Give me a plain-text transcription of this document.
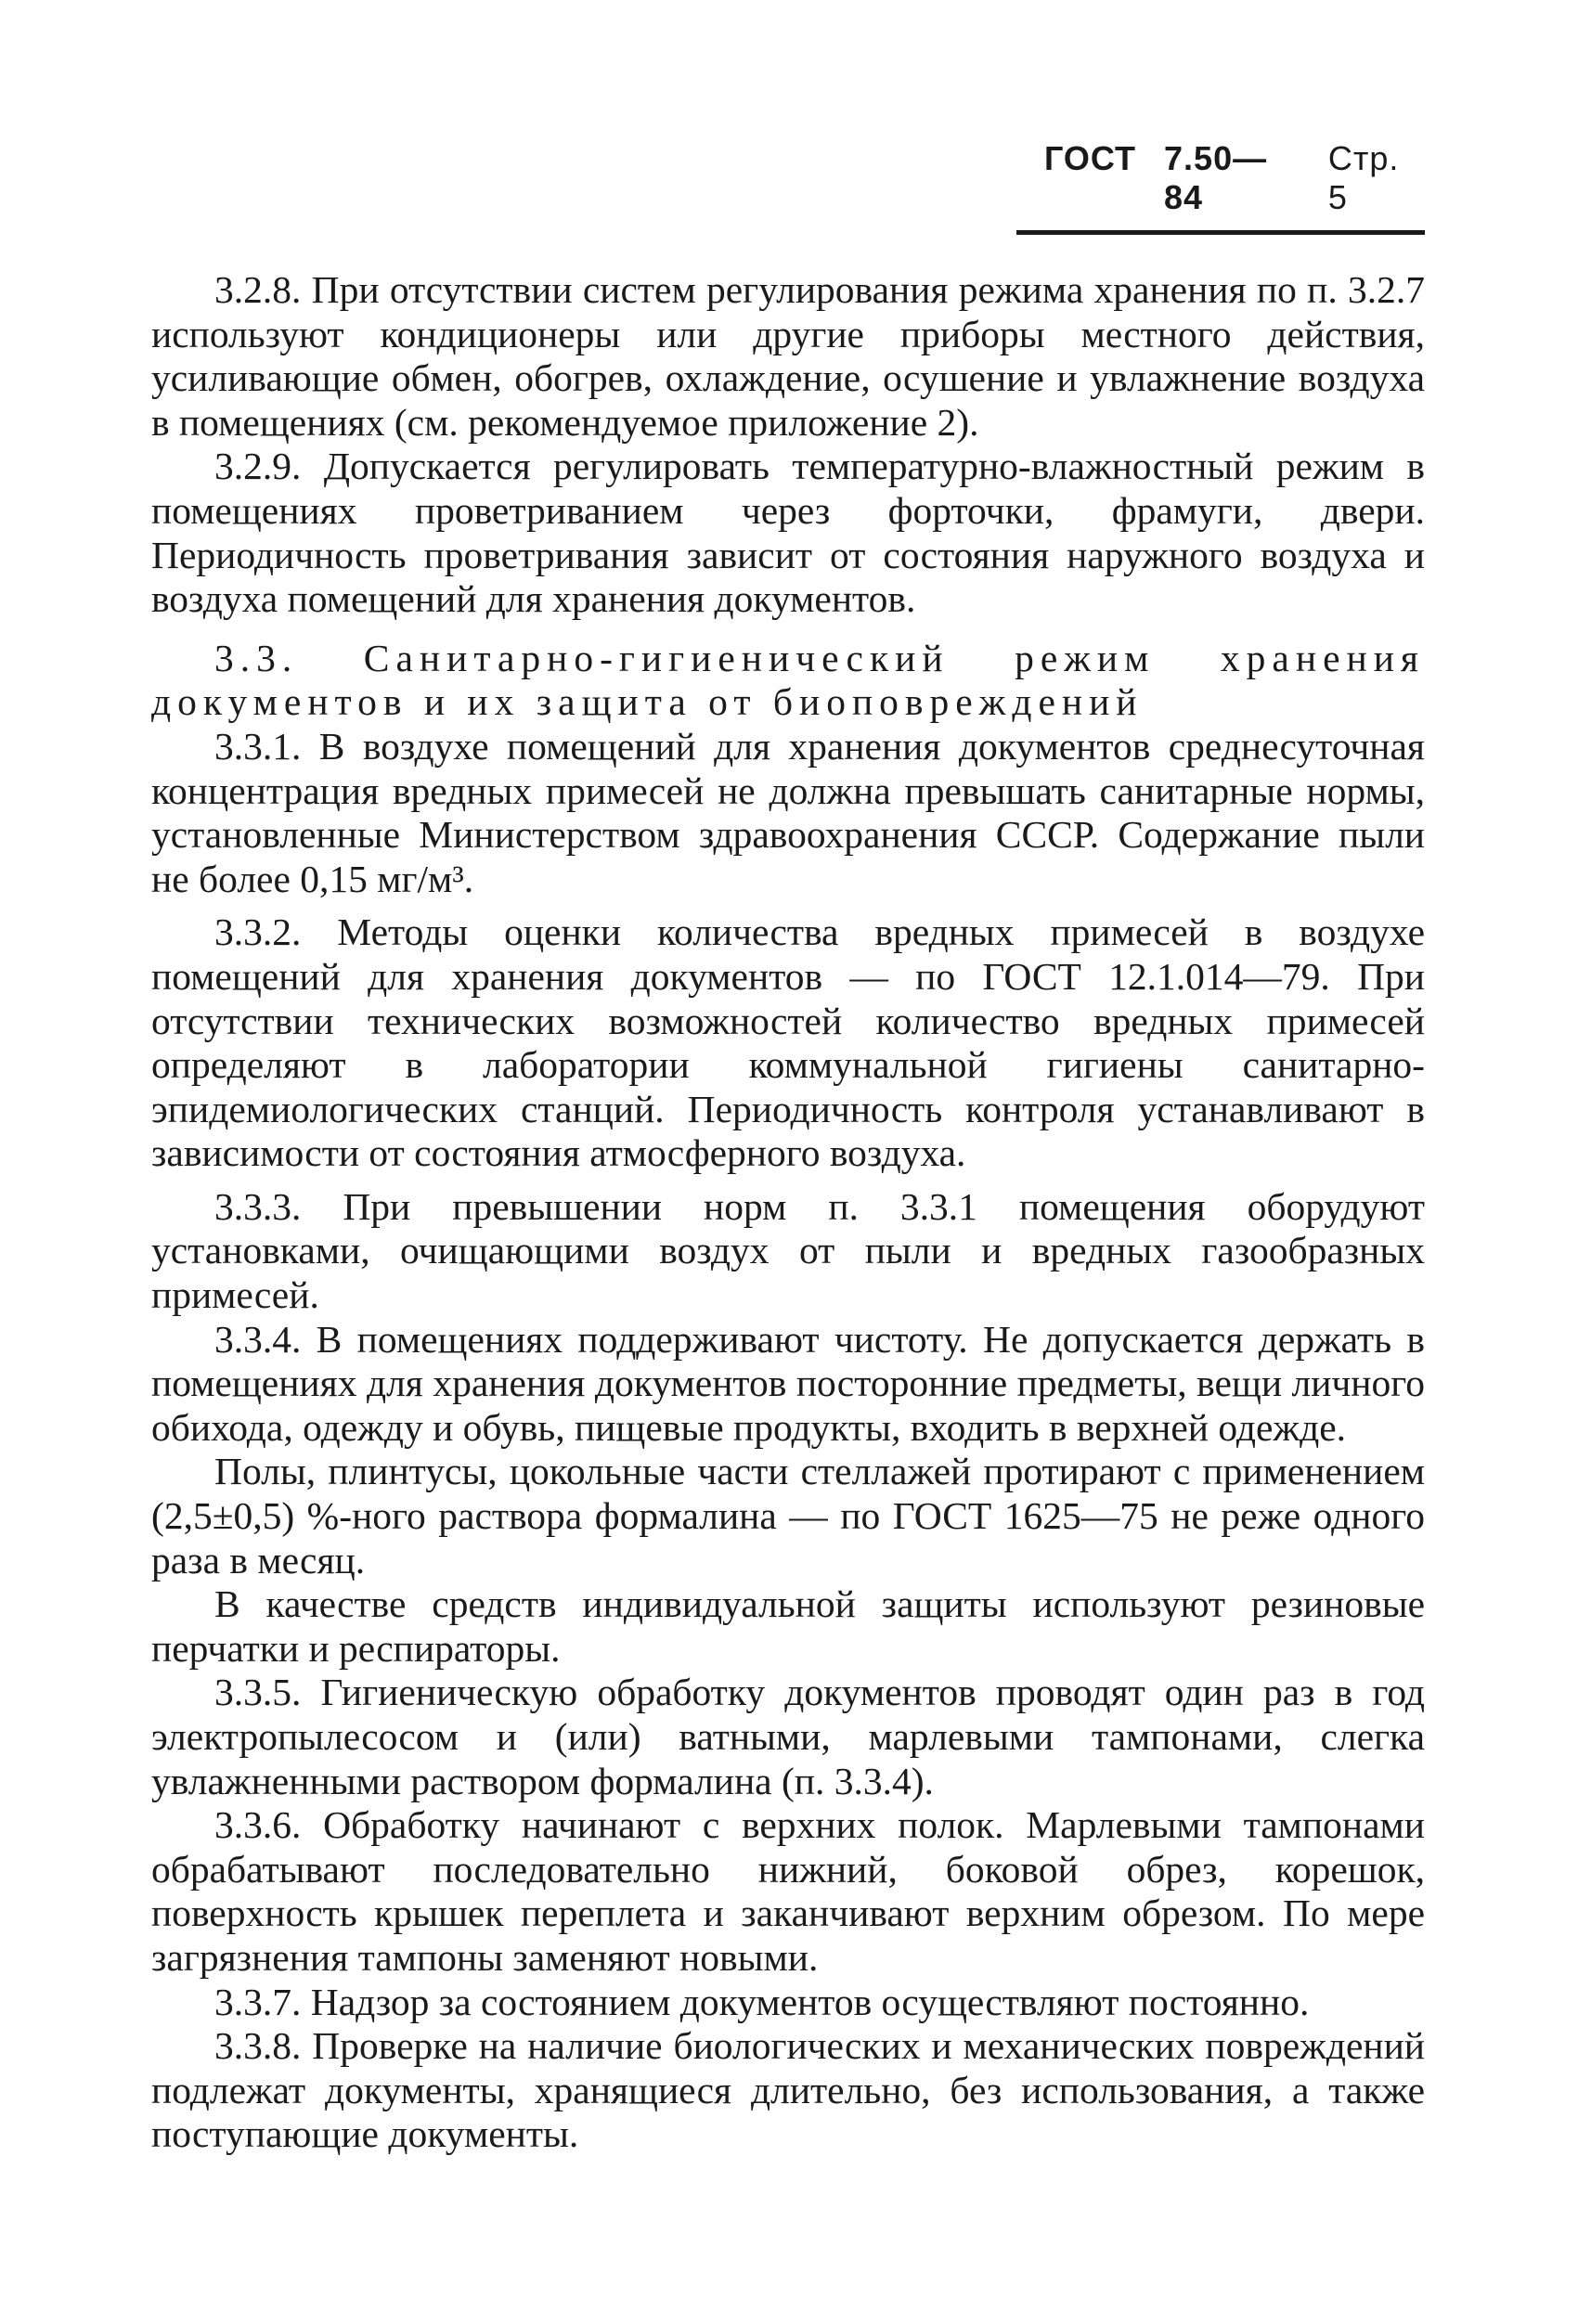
ГОСТ 7.50—84
Стр. 5

3.2.8. При отсутствии систем регулирования режима хранения по п. 3.2.7 используют кондиционеры или другие приборы местного действия, усиливающие обмен, обогрев, охлаждение, осушение и увлажнение воздуха в помещениях (см. рекомендуемое приложение 2).

3.2.9. Допускается регулировать температурно-влажностный режим в помещениях проветриванием через форточки, фрамуги, двери. Периодичность проветривания зависит от состояния наружного воздуха и воздуха помещений для хранения документов.

3.3. Санитарно-гигиенический режим хранения документов и их защита от биоповреждений

3.3.1. В воздухе помещений для хранения документов среднесуточная концентрация вредных примесей не должна превышать санитарные нормы, установленные Министерством здравоохранения СССР. Содержание пыли не более 0,15 мг/м³.

3.3.2. Методы оценки количества вредных примесей в воздухе помещений для хранения документов — по ГОСТ 12.1.014—79. При отсутствии технических возможностей количество вредных примесей определяют в лаборатории коммунальной гигиены санитарно-эпидемиологических станций. Периодичность контроля устанавливают в зависимости от состояния атмосферного воздуха.

3.3.3. При превышении норм п. 3.3.1 помещения оборудуют установками, очищающими воздух от пыли и вредных газообразных примесей.

3.3.4. В помещениях поддерживают чистоту. Не допускается держать в помещениях для хранения документов посторонние предметы, вещи личного обихода, одежду и обувь, пищевые продукты, входить в верхней одежде.

Полы, плинтусы, цокольные части стеллажей протирают с применением (2,5±0,5) %-ного раствора формалина — по ГОСТ 1625—75 не реже одного раза в месяц.

В качестве средств индивидуальной защиты используют резиновые перчатки и респираторы.

3.3.5. Гигиеническую обработку документов проводят один раз в год электропылесосом и (или) ватными, марлевыми тампонами, слегка увлажненными раствором формалина (п. 3.3.4).

3.3.6. Обработку начинают с верхних полок. Марлевыми тампонами обрабатывают последовательно нижний, боковой обрез, корешок, поверхность крышек переплета и заканчивают верхним обрезом. По мере загрязнения тампоны заменяют новыми.

3.3.7. Надзор за состоянием документов осуществляют постоянно.

3.3.8. Проверке на наличие биологических и механических повреждений подлежат документы, хранящиеся длительно, без использования, а также поступающие документы.
